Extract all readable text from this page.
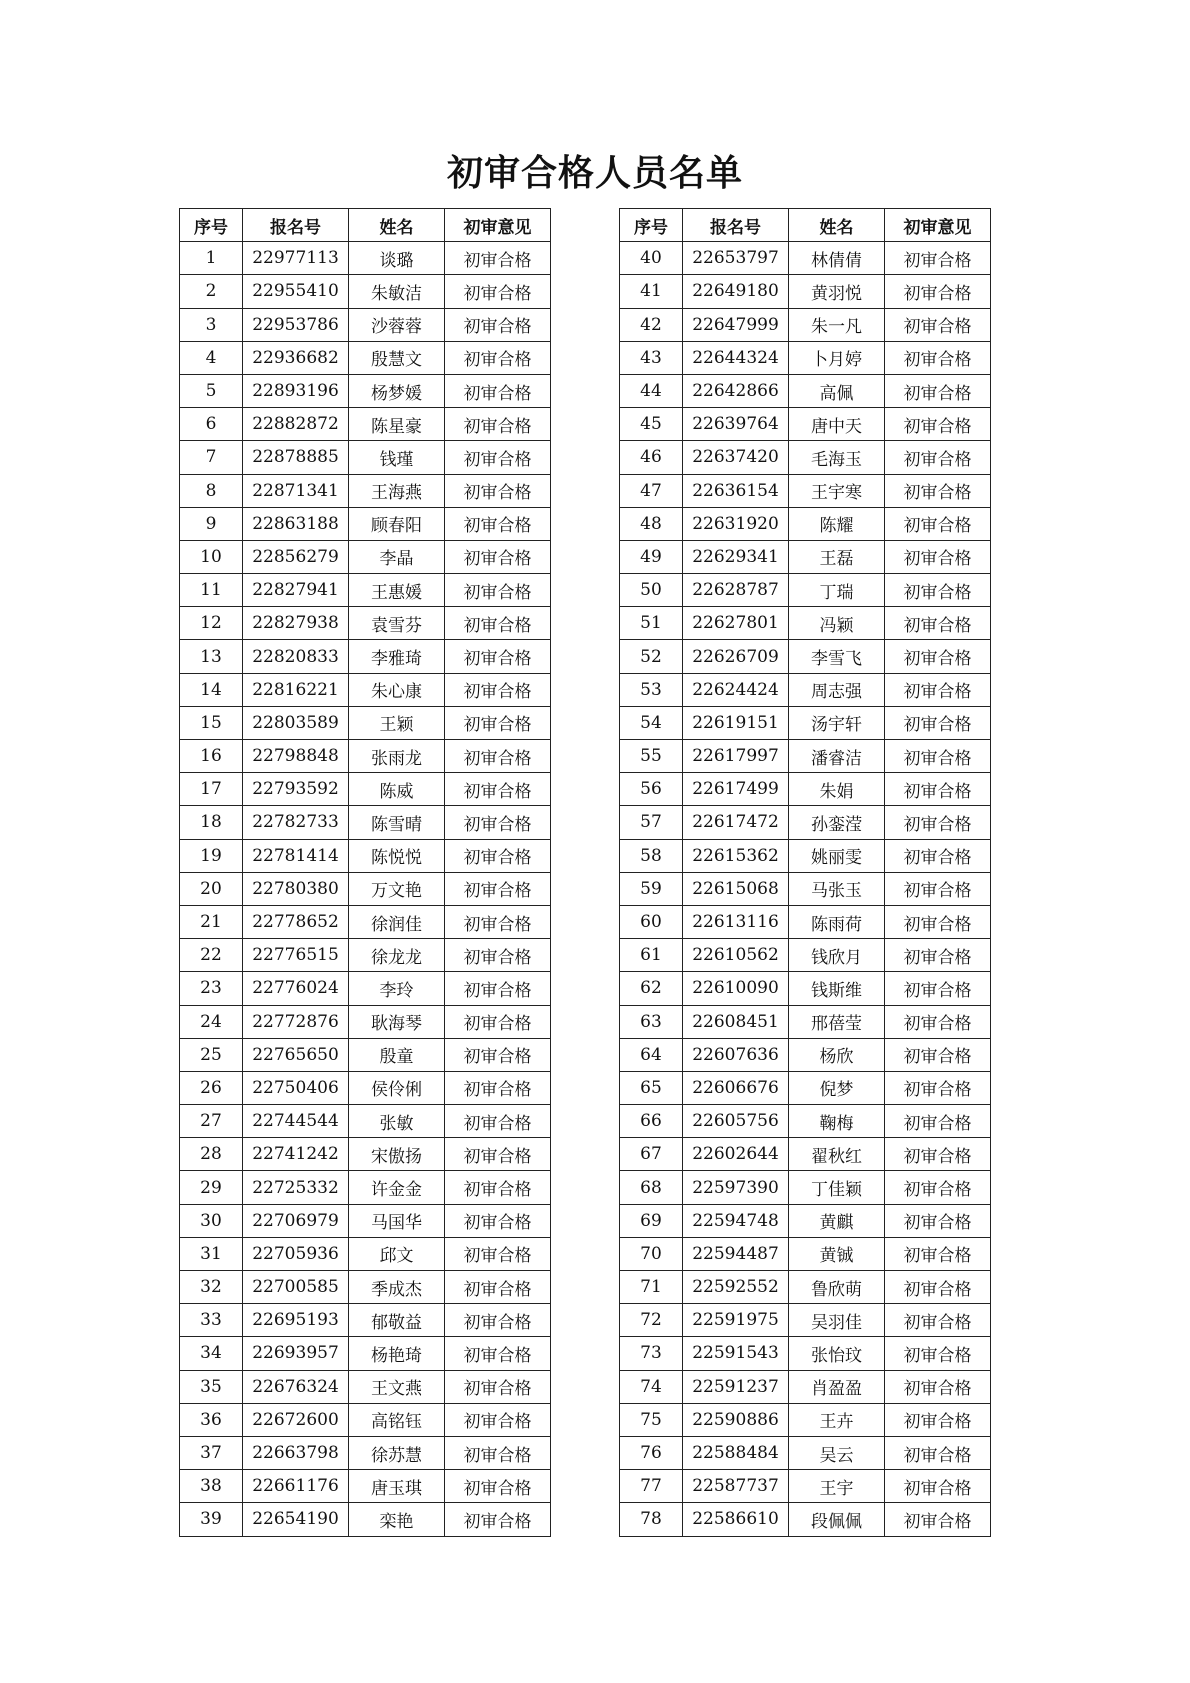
初审合格人员名单
序号	报名号	姓名	初审意见
1	22977113	谈璐	初审合格
2	22955410	朱敏洁	初审合格
3	22953786	沙蓉蓉	初审合格
4	22936682	殷慧文	初审合格
5	22893196	杨梦媛	初审合格
6	22882872	陈星豪	初审合格
7	22878885	钱瑾	初审合格
8	22871341	王海燕	初审合格
9	22863188	顾春阳	初审合格
10	22856279	李晶	初审合格
11	22827941	王惠媛	初审合格
12	22827938	袁雪芬	初审合格
13	22820833	李雅琦	初审合格
14	22816221	朱心康	初审合格
15	22803589	王颖	初审合格
16	22798848	张雨龙	初审合格
17	22793592	陈威	初审合格
18	22782733	陈雪晴	初审合格
19	22781414	陈悦悦	初审合格
20	22780380	万文艳	初审合格
21	22778652	徐润佳	初审合格
22	22776515	徐龙龙	初审合格
23	22776024	李玲	初审合格
24	22772876	耿海琴	初审合格
25	22765650	殷童	初审合格
26	22750406	侯伶俐	初审合格
27	22744544	张敏	初审合格
28	22741242	宋傲扬	初审合格
29	22725332	许金金	初审合格
30	22706979	马国华	初审合格
31	22705936	邱文	初审合格
32	22700585	季成杰	初审合格
33	22695193	郁敬益	初审合格
34	22693957	杨艳琦	初审合格
35	22676324	王文燕	初审合格
36	22672600	高铭钰	初审合格
37	22663798	徐苏慧	初审合格
38	22661176	唐玉琪	初审合格
39	22654190	栾艳	初审合格
序号	报名号	姓名	初审意见
40	22653797	林倩倩	初审合格
41	22649180	黄羽悦	初审合格
42	22647999	朱一凡	初审合格
43	22644324	卜月婷	初审合格
44	22642866	高佩	初审合格
45	22639764	唐中天	初审合格
46	22637420	毛海玉	初审合格
47	22636154	王宇寒	初审合格
48	22631920	陈耀	初审合格
49	22629341	王磊	初审合格
50	22628787	丁瑞	初审合格
51	22627801	冯颖	初审合格
52	22626709	李雪飞	初审合格
53	22624424	周志强	初审合格
54	22619151	汤宇轩	初审合格
55	22617997	潘睿洁	初审合格
56	22617499	朱娟	初审合格
57	22617472	孙銮滢	初审合格
58	22615362	姚丽雯	初审合格
59	22615068	马张玉	初审合格
60	22613116	陈雨荷	初审合格
61	22610562	钱欣月	初审合格
62	22610090	钱斯维	初审合格
63	22608451	邢蓓莹	初审合格
64	22607636	杨欣	初审合格
65	22606676	倪梦	初审合格
66	22605756	鞠梅	初审合格
67	22602644	翟秋红	初审合格
68	22597390	丁佳颖	初审合格
69	22594748	黄麒	初审合格
70	22594487	黄铖	初审合格
71	22592552	鲁欣萌	初审合格
72	22591975	吴羽佳	初审合格
73	22591543	张怡玟	初审合格
74	22591237	肖盈盈	初审合格
75	22590886	王卉	初审合格
76	22588484	吴云	初审合格
77	22587737	王宇	初审合格
78	22586610	段佩佩	初审合格
